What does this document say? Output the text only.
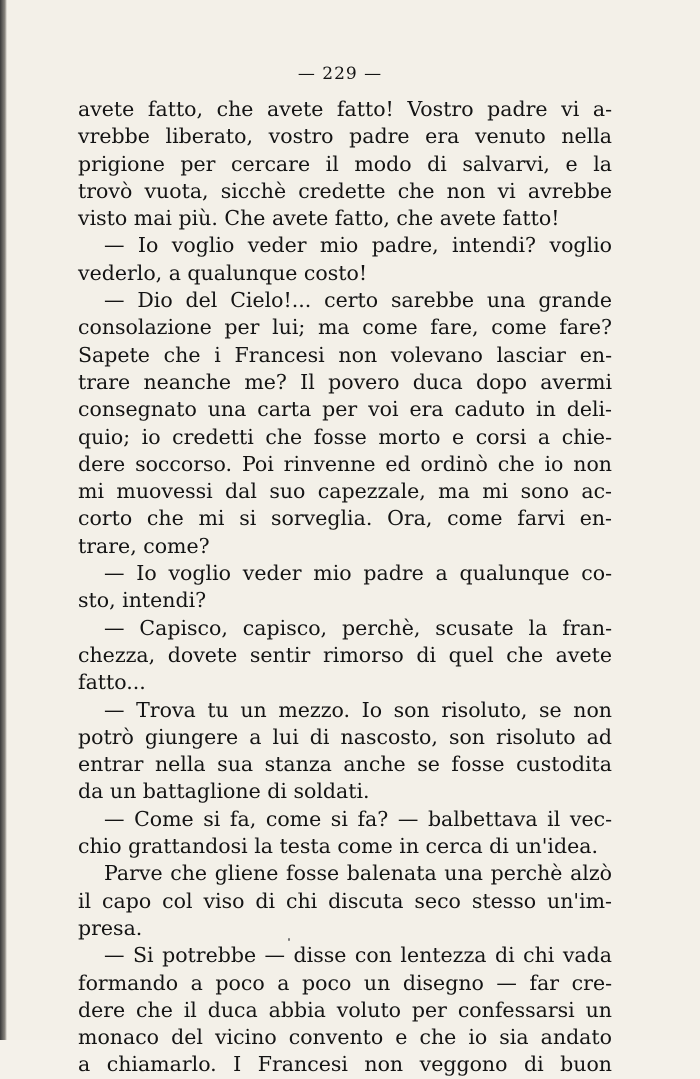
— 229 —
avete fatto, che avete fatto! Vostro padre vi a-
vrebbe liberato, vostro padre era venuto nella
prigione per cercare il modo di salvarvi, e la
trovò vuota, sicchè credette che non vi avrebbe
visto mai più. Che avete fatto, che avete fatto!
— Io voglio veder mio padre, intendi? voglio
vederlo, a qualunque costo!
— Dio del Cielo!... certo sarebbe una grande
consolazione per lui; ma come fare, come fare?
Sapete che i Francesi non volevano lasciar en-
trare neanche me? Il povero duca dopo avermi
consegnato una carta per voi era caduto in deli-
quio; io credetti che fosse morto e corsi a chie-
dere soccorso. Poi rinvenne ed ordinò che io non
mi muovessi dal suo capezzale, ma mi sono ac-
corto che mi si sorveglia. Ora, come farvi en-
trare, come?
— Io voglio veder mio padre a qualunque co-
sto, intendi?
— Capisco, capisco, perchè, scusate la fran-
chezza, dovete sentir rimorso di quel che avete
fatto...
— Trova tu un mezzo. Io son risoluto, se non
potrò giungere a lui di nascosto, son risoluto ad
entrar nella sua stanza anche se fosse custodita
da un battaglione di soldati.
— Come si fa, come si fa? — balbettava il vec-
chio grattandosi la testa come in cerca di un'idea.
Parve che gliene fosse balenata una perchè alzò
il capo col viso di chi discuta seco stesso un'im-
presa.
— Si potrebbe — disse con lentezza di chi vada
formando a poco a poco un disegno — far cre-
dere che il duca abbia voluto per confessarsi un
monaco del vicino convento e che io sia andato
a chiamarlo. I Francesi non veggono di buon
